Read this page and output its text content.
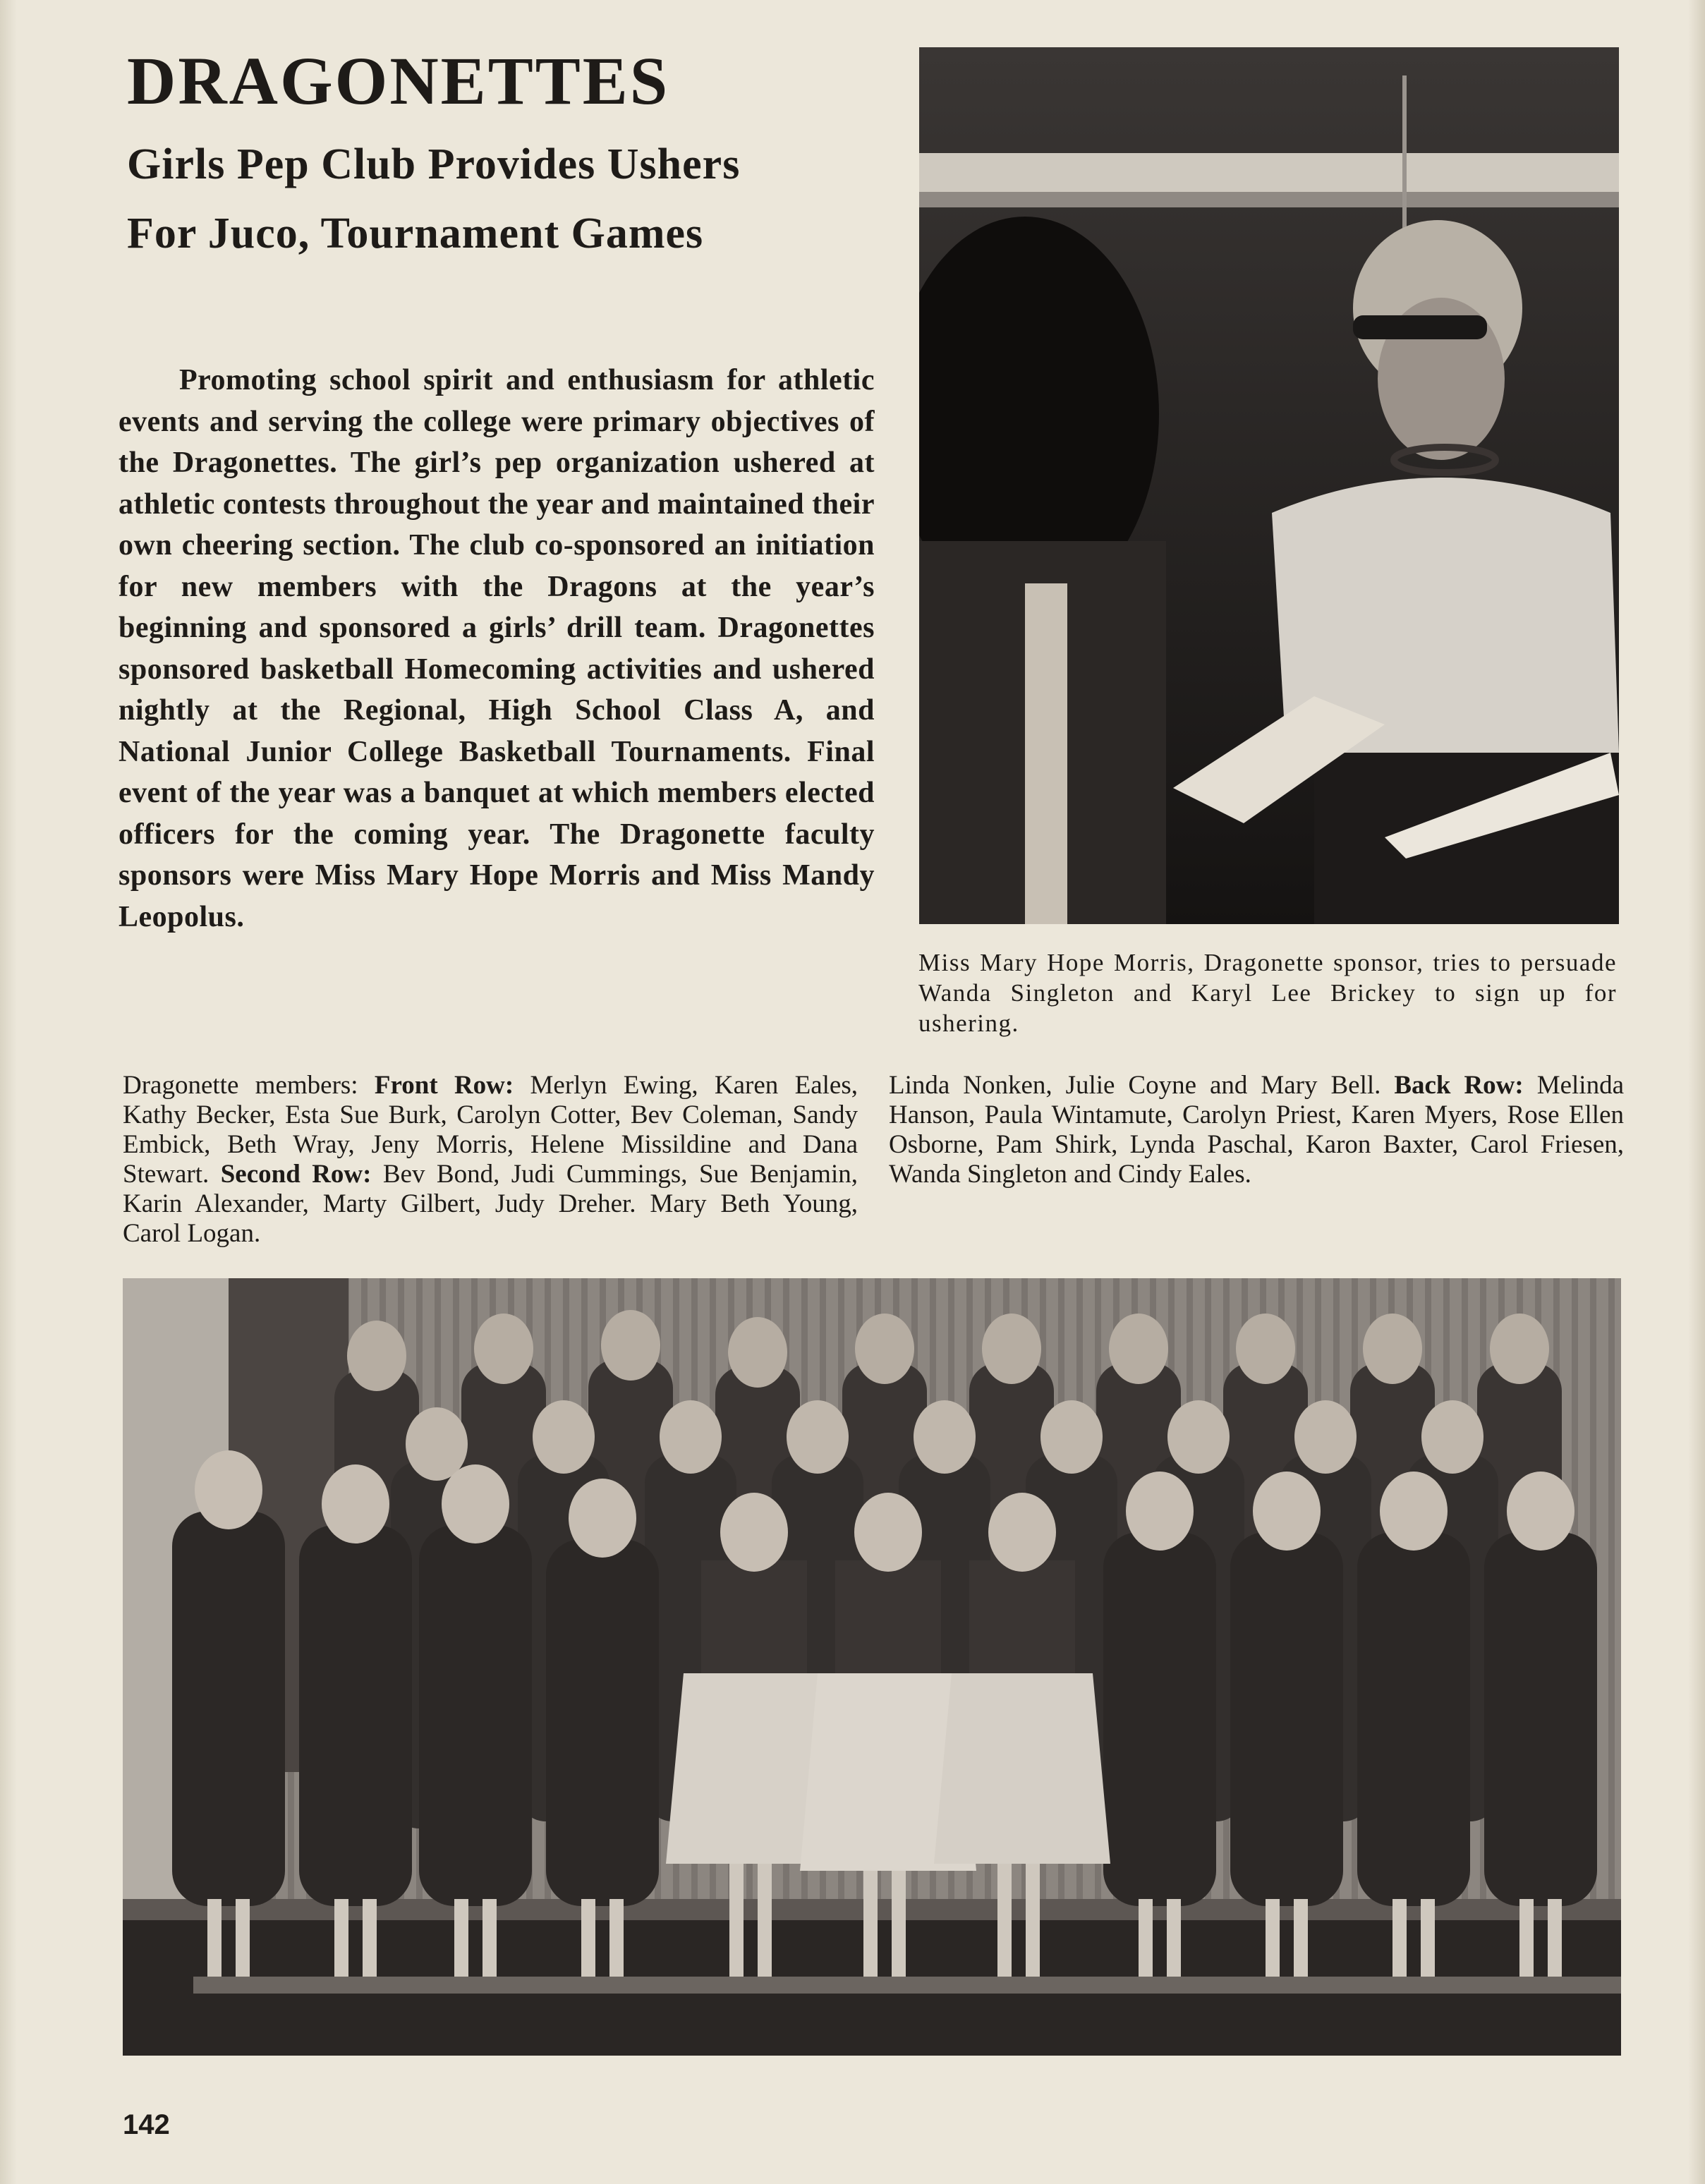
DRAGONETTES
Girls Pep Club Provides Ushers
For Juco, Tournament Games

Promoting school spirit and enthusiasm for athletic events and serving the college were primary objectives of the Dragonettes. The girl’s pep organization ushered at athletic contests throughout the year and maintained their own cheering section. The club co-sponsored an initiation for new members with the Dragons at the year’s beginning and sponsored a girls’ drill team. Dragonettes sponsored basketball Homecoming activities and ushered nightly at the Regional, High School Class A, and National Junior College Basketball Tournaments. Final event of the year was a banquet at which members elected officers for the coming year. The Dragonette faculty sponsors were Miss Mary Hope Morris and Miss Mandy Leopolus.

Miss Mary Hope Morris, Dragonette sponsor, tries to persuade Wanda Singleton and Karyl Lee Brickey to sign up for ushering.

Dragonette members: Front Row: Merlyn Ewing, Karen Eales, Kathy Becker, Esta Sue Burk, Carolyn Cotter, Bev Coleman, Sandy Embick, Beth Wray, Jeny Morris, Helene Missildine and Dana Stewart. Second Row: Bev Bond, Judi Cummings, Sue Benjamin, Karin Alexander, Marty Gilbert, Judy Dreher. Mary Beth Young, Carol Logan.

Linda Nonken, Julie Coyne and Mary Bell. Back Row: Melinda Hanson, Paula Wintamute, Carolyn Priest, Karen Myers, Rose Ellen Osborne, Pam Shirk, Lynda Paschal, Karon Baxter, Carol Friesen, Wanda Singleton and Cindy Eales.

142
